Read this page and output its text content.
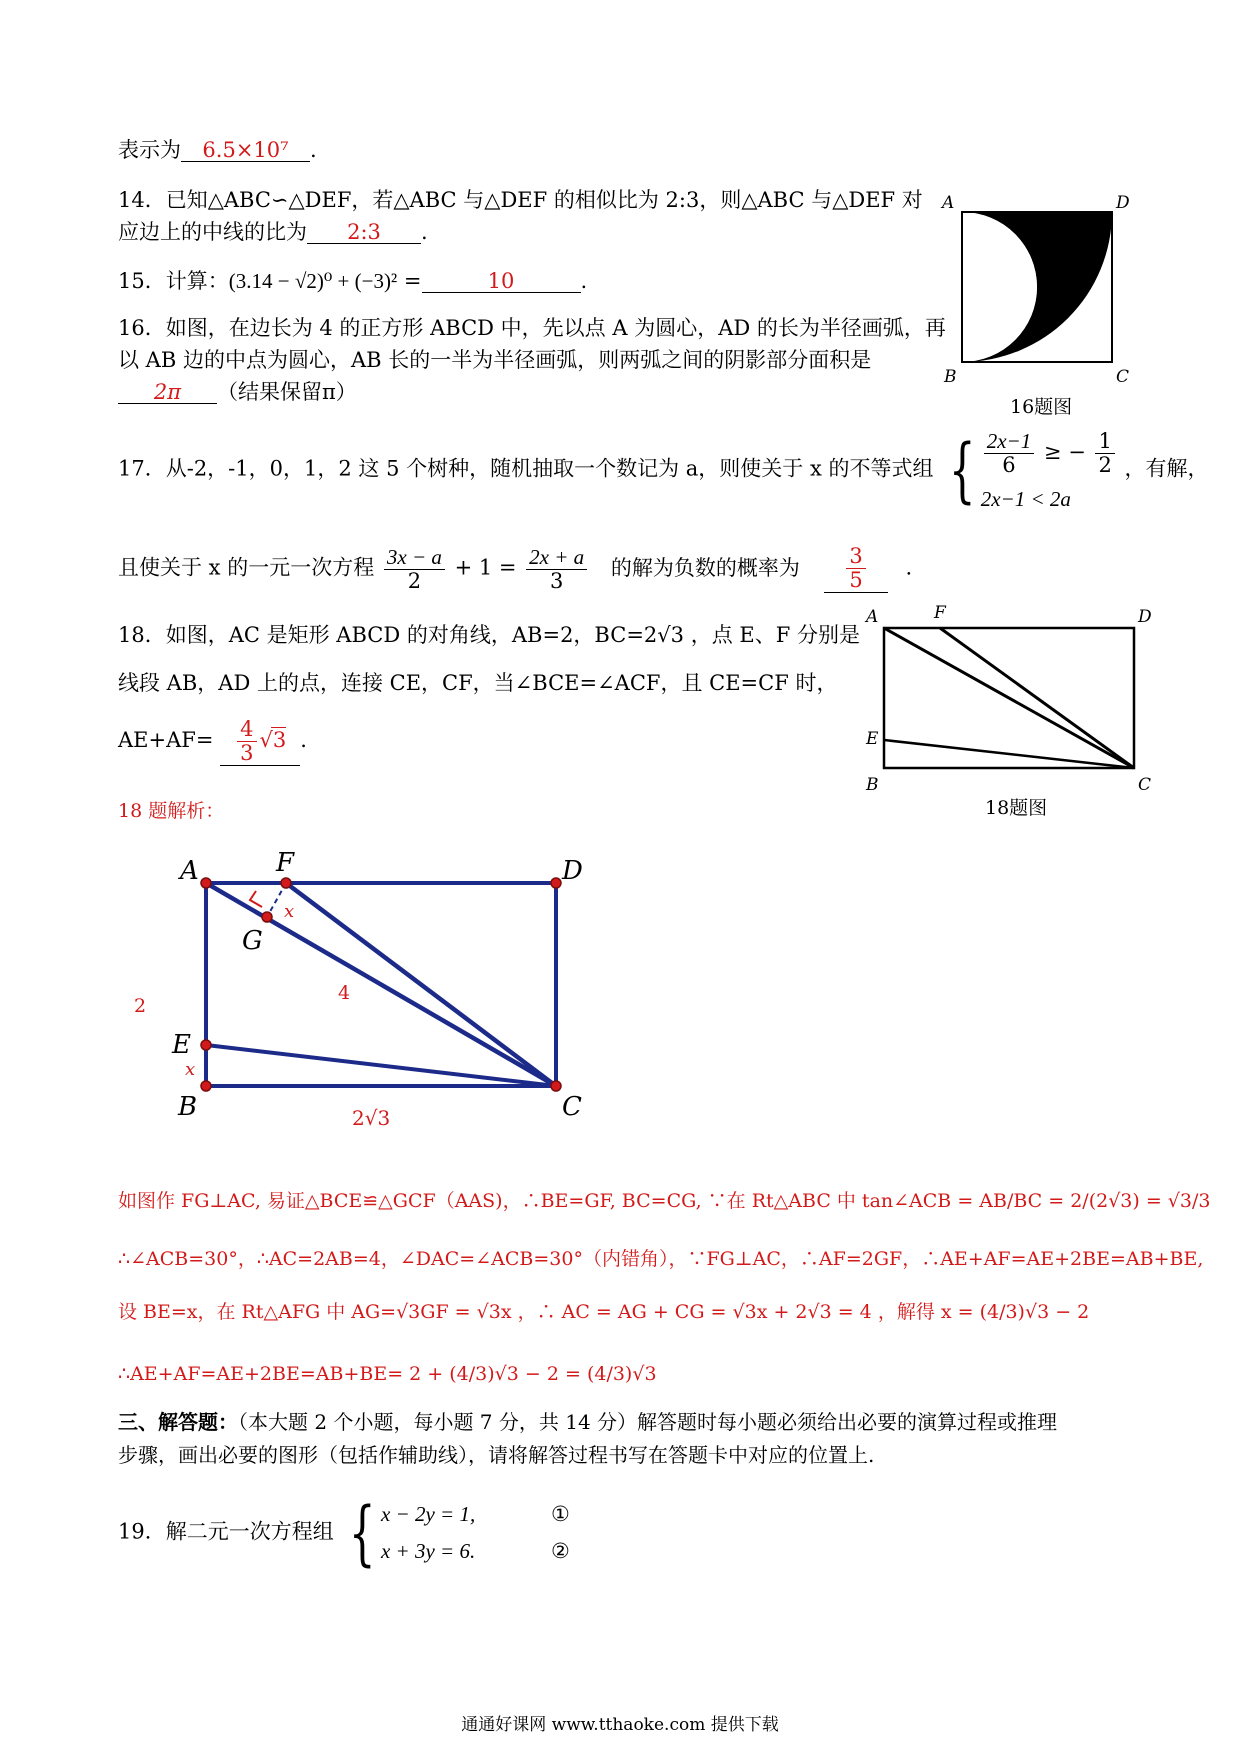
表示为 6.5×10⁷ .
14．已知△ABC∽△DEF，若△ABC 与△DEF 的相似比为 2:3，则△ABC 与△DEF 对
应边上的中线的比为 2:3 .
15．计算：(3.14 − √2)⁰ + (−3)² =	10	.
16．如图，在边长为 4 的正方形 ABCD 中，先以点 A 为圆心，AD 的长为半径画弧，再
以 AB 边的中点为圆心，AB 长的一半为半径画弧，则两弧之间的阴影部分面积是
2π （结果保留π）
A	D
B	C
16题图
17．从-2，-1，0，1，2 这 5 个树种，随机抽取一个数记为 a，则使关于 x 的不等式组 { $\frac{2x-1}{6}$ ≥ − $\frac{1}{2}$
2x−1 < 2a
，有解，
且使关于 x 的一元一次方程 $\frac{3x - a}{2} + 1 = \frac{2x + a}{3}$ 的解为负数的概率为 $\frac{3}{5}$ .
18．如图，AC 是矩形 ABCD 的对角线，AB=2，BC=2√3 ，点 E、F 分别是
线段 AB，AD 上的点，连接 CE，CF，当∠BCE=∠ACF，且 CE=CF 时，
$AE+AF= \frac{4}{3} √3$ .
A	F	D
E
B	C
18题图
18 题解析：
A	F	D
G
x
4
2
E
x
B	2√3	C
如图作 FG⊥AC, 易证△BCE≌△GCF（AAS)，∴BE=GF, BC=CG, ∵在 Rt△ABC 中 tan∠ACB = AB/BC = 2/(2√3) = √3/3
∴∠ACB=30°，∴AC=2AB=4，∠DAC=∠ACB=30°（内错角），∵FG⊥AC，∴AF=2GF，∴AE+AF=AE+2BE=AB+BE,
设 BE=x，在 Rt△AFG 中 AG=√3GF = √3x ，∴ AC = AG + CG = √3x + 2√3 = 4 ，解得 x = (4/3)√3 − 2
∴AE+AF=AE+2BE=AB+BE= 2 + (4/3)√3 − 2 = (4/3)√3
三、解答题：（本大题 2 个小题，每小题 7 分，共 14 分）解答题时每小题必须给出必要的演算过程或推理
步骤，画出必要的图形（包括作辅助线），请将解答过程书写在答题卡中对应的位置上.
19．解二元一次方程组 { x − 2y = 1,	①
x + 3y = 6.	②
通通好课网 www.tthaoke.com 提供下载
